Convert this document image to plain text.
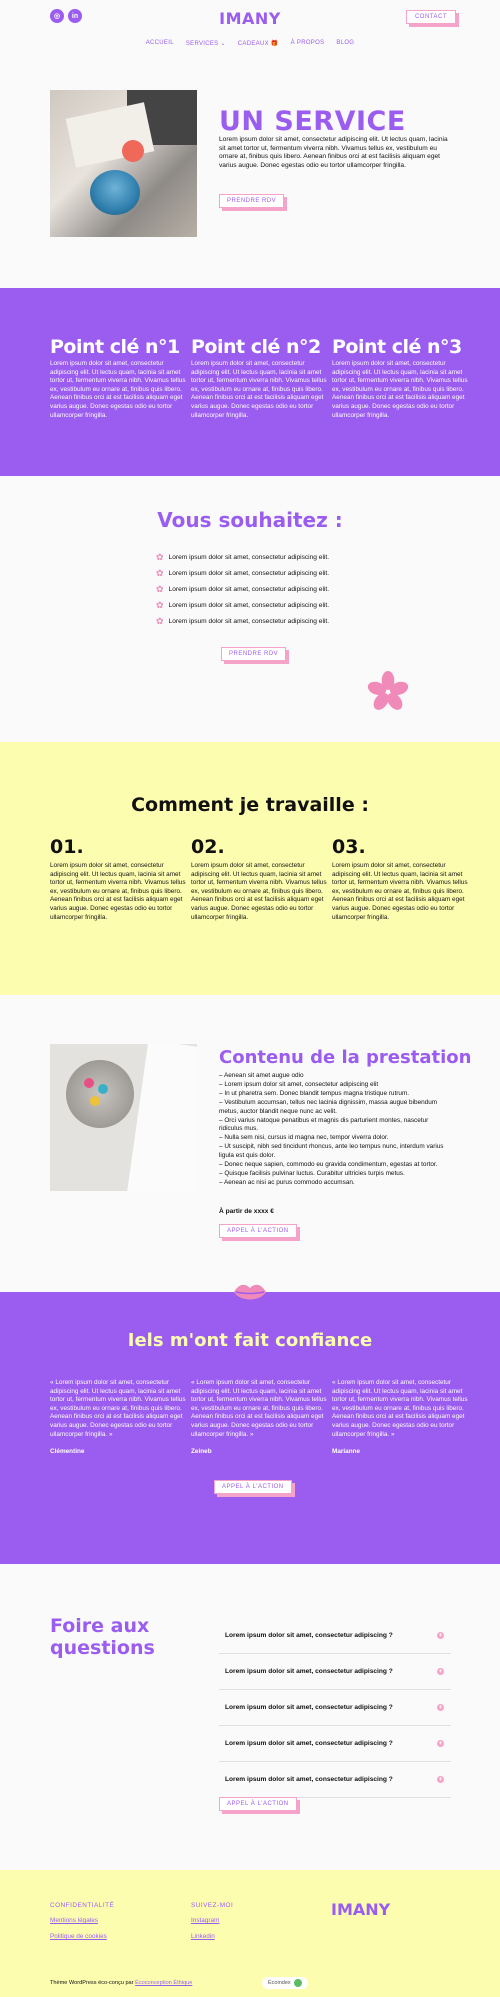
◎	in	IMANY	CONTACT
ACCUEIL SERVICES ⌄ CADEAUX 🎁 À PROPOS BLOG
UN SERVICE

Lorem ipsum dolor sit amet, consectetur adipiscing elit. Ut lectus quam, lacinia sit amet tortor ut, fermentum viverra nibh. Vivamus tellus ex, vestibulum eu ornare at, finibus quis libero. Aenean finibus orci at est facilisis aliquam eget varius augue. Donec egestas odio eu tortor ullamcorper fringilla.

PRENDRE RDV
Point clé n°1

Lorem ipsum dolor sit amet, consectetur adipiscing elit. Ut lectus quam, lacinia sit amet tortor ut, fermentum viverra nibh. Vivamus tellus ex, vestibulum eu ornare at, finibus quis libero. Aenean finibus orci at est facilisis aliquam eget varius augue. Donec egestas odio eu tortor ullamcorper fringilla.

Point clé n°2

Lorem ipsum dolor sit amet, consectetur adipiscing elit. Ut lectus quam, lacinia sit amet tortor ut, fermentum viverra nibh. Vivamus tellus ex, vestibulum eu ornare at, finibus quis libero. Aenean finibus orci at est facilisis aliquam eget varius augue. Donec egestas odio eu tortor ullamcorper fringilla.

Point clé n°3

Lorem ipsum dolor sit amet, consectetur adipiscing elit. Ut lectus quam, lacinia sit amet tortor ut, fermentum viverra nibh. Vivamus tellus ex, vestibulum eu ornare at, finibus quis libero. Aenean finibus orci at est facilisis aliquam eget varius augue. Donec egestas odio eu tortor ullamcorper fringilla.

Vous souhaitez :
✿ Lorem ipsum dolor sit amet, consectetur adipiscing elit.
✿ Lorem ipsum dolor sit amet, consectetur adipiscing elit.
✿ Lorem ipsum dolor sit amet, consectetur adipiscing elit.
✿ Lorem ipsum dolor sit amet, consectetur adipiscing elit.
✿ Lorem ipsum dolor sit amet, consectetur adipiscing elit.
PRENDRE RDV
Comment je travaille :
01.

Lorem ipsum dolor sit amet, consectetur adipiscing elit. Ut lectus quam, lacinia sit amet tortor ut, fermentum viverra nibh. Vivamus tellus ex, vestibulum eu ornare at, finibus quis libero. Aenean finibus orci at est facilisis aliquam eget varius augue. Donec egestas odio eu tortor ullamcorper fringilla.

02.

Lorem ipsum dolor sit amet, consectetur adipiscing elit. Ut lectus quam, lacinia sit amet tortor ut, fermentum viverra nibh. Vivamus tellus ex, vestibulum eu ornare at, finibus quis libero. Aenean finibus orci at est facilisis aliquam eget varius augue. Donec egestas odio eu tortor ullamcorper fringilla.

03.

Lorem ipsum dolor sit amet, consectetur adipiscing elit. Ut lectus quam, lacinia sit amet tortor ut, fermentum viverra nibh. Vivamus tellus ex, vestibulum eu ornare at, finibus quis libero. Aenean finibus orci at est facilisis aliquam eget varius augue. Donec egestas odio eu tortor ullamcorper fringilla.

Contenu de la prestation
– Aenean sit amet augue odio
– Lorem ipsum dolor sit amet, consectetur adipiscing elit
– In ut pharetra sem. Donec blandit tempus magna tristique rutrum.
– Vestibulum accumsan, tellus nec lacinia dignissim, massa augue bibendum metus, auctor blandit neque nunc ac velit.
– Orci varius natoque penatibus et magnis dis parturient montes, nascetur ridiculus mus.
– Nulla sem nisi, cursus id magna nec, tempor viverra dolor.
– Ut suscipit, nibh sed tincidunt rhoncus, ante leo tempus nunc, interdum varius ligula est quis dolor.
– Donec neque sapien, commodo eu gravida condimentum, egestas at tortor.
– Quisque facilisis pulvinar luctus. Curabitur ultricies turpis metus.
– Aenean ac nisi ac purus commodo accumsan.
À partir de xxxx €
APPEL À L'ACTION
Iels m'ont fait confiance

« Lorem ipsum dolor sit amet, consectetur adipiscing elit. Ut lectus quam, lacinia sit amet tortor ut, fermentum viverra nibh. Vivamus tellus ex, vestibulum eu ornare at, finibus quis libero. Aenean finibus orci at est facilisis aliquam eget varius augue. Donec egestas odio eu tortor ullamcorper fringilla. »

Clémentine

« Lorem ipsum dolor sit amet, consectetur adipiscing elit. Ut lectus quam, lacinia sit amet tortor ut, fermentum viverra nibh. Vivamus tellus ex, vestibulum eu ornare at, finibus quis libero. Aenean finibus orci at est facilisis aliquam eget varius augue. Donec egestas odio eu tortor ullamcorper fringilla. »

Zeineb

« Lorem ipsum dolor sit amet, consectetur adipiscing elit. Ut lectus quam, lacinia sit amet tortor ut, fermentum viverra nibh. Vivamus tellus ex, vestibulum eu ornare at, finibus quis libero. Aenean finibus orci at est facilisis aliquam eget varius augue. Donec egestas odio eu tortor ullamcorper fringilla. »

Marianne
APPEL À L'ACTION
Foire aux questions
Lorem ipsum dolor sit amet, consectetur adipiscing ?	+
Lorem ipsum dolor sit amet, consectetur adipiscing ?	+
Lorem ipsum dolor sit amet, consectetur adipiscing ?	+
Lorem ipsum dolor sit amet, consectetur adipiscing ?	+
Lorem ipsum dolor sit amet, consectetur adipiscing ?	+
APPEL À L'ACTION
CONFIDENTIALITÉ
Mentions légales
Politique de cookies
SUIVEZ-MOI
Instagram
Linkedin
IMANY
Thème WordPress éco-conçu par Écoconception Éthique	Écoindex
